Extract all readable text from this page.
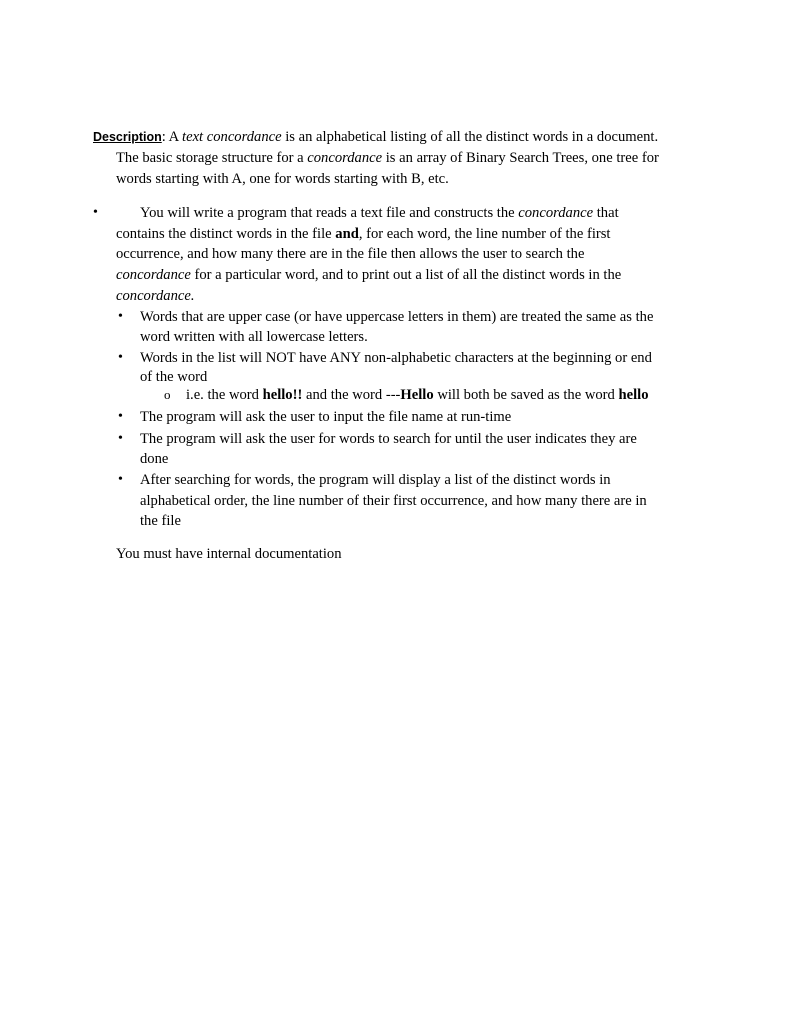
Description: A text concordance is an alphabetical listing of all the distinct words in a document.
The basic storage structure for a concordance is an array of Binary Search Trees, one tree for
words starting with A, one for words starting with B, etc.
•	You will write a program that reads a text file and constructs the concordance that
contains the distinct words in the file and, for each word, the line number of the first
occurrence, and how many there are in the file then allows the user to search the
concordance for a particular word, and to print out a list of all the distinct words in the
concordance.
• Words that are upper case (or have uppercase letters in them) are treated the same as the
word written with all lowercase letters.
• Words in the list will NOT have ANY non-alphabetic characters at the beginning or end
of the word
o i.e. the word hello!! and the word ---Hello will both be saved as the word hello
• The program will ask the user to input the file name at run-time
• The program will ask the user for words to search for until the user indicates they are
done
• After searching for words, the program will display a list of the distinct words in
alphabetical order, the line number of their first occurrence, and how many there are in
the file
You must have internal documentation
